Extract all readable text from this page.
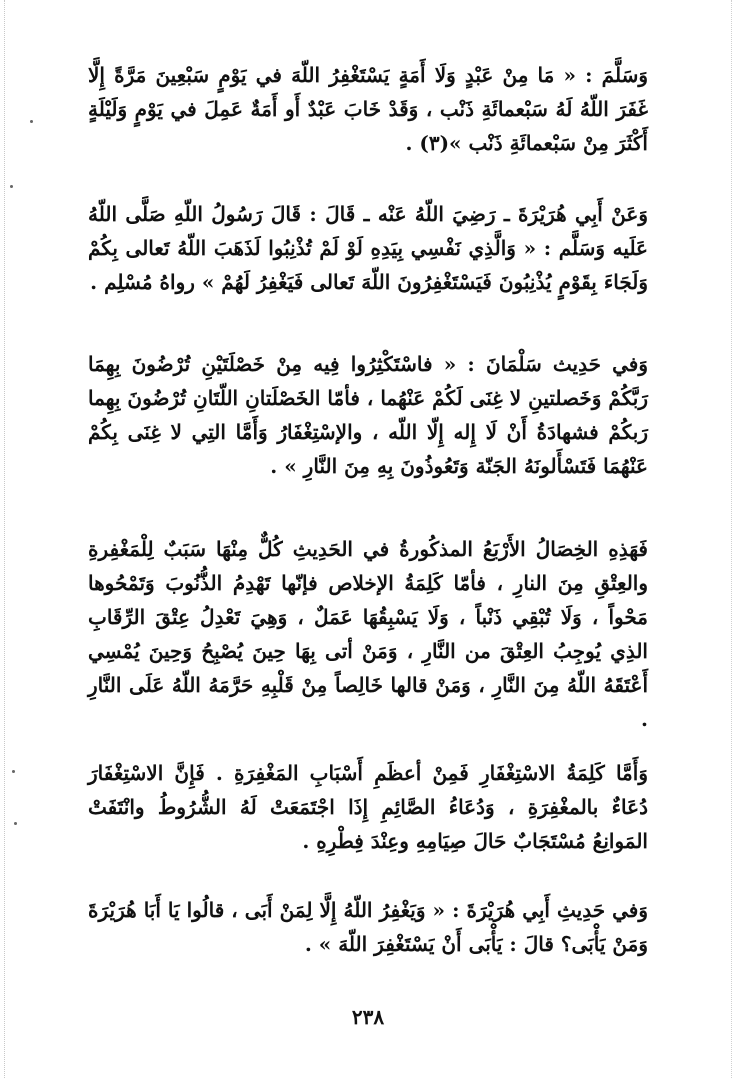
وَسَلَّمَ : « مَا مِنْ عَبْدٍ وَلَا أَمَةٍ يَسْتَغْفِرُ اللّهَ في يَوْمٍ سَبْعِينَ مَرَّةً إِلَّا غَفَرَ اللّهُ لَهُ سَبْعمائَةِ ذَنْب ، وَقَدْ خَابَ عَبْدٌ أَو أَمَةٌ عَمِلَ في يَوْمٍ وَلَيْلَةٍ أَكْثَرَ مِنْ سَبْعمائَةِ ذَنْب »(٣) .
وَعَنْ أَبِي هُرَيْرَةَ ـ رَضِيَ اللّهُ عَنْه ـ قَالَ : قَالَ رَسُولُ اللّهِ صَلَّى اللّهُ عَلَيه وَسَلَّم : « وَالَّذِي نَفْسِي بِيَدِهِ لَوْ لَمْ تُذْنِبُوا لَذَهَبَ اللّهُ تَعالى بِكُمْ وَلَجَاءَ بِقَوْمٍ يُذْنِبُونَ فَيَسْتَغْفِرُونَ اللّهَ تَعالى فَيَغْفِرُ لَهُمْ » رواهُ مُسْلِم .
وَفي حَدِيث سَلْمَانَ : « فاسْتَكْثِرُوا فِيه مِنْ خَصْلَتَيْنِ تُرْضُونَ بِهِمَا رَبَّكُمْ وَخَصلتينِ لا غِنَى لَكُمْ عَنْهُما ، فأمّا الخَصْلَتانِ اللّتَانِ تُرْضُونَ بِهِما رَبكُمْ فشهادَةُ أَنْ لَا إِله إِلّا اللّه ، والإسْتِغْفَارُ وَأَمَّا التِي لا غِنَى بِكُمْ عَنْهُمَا فَتَسْأَلونَهُ الجَنّة وَتَعُوذُونَ بِهِ مِنَ النَّارِ » .
فَهَذِهِ الخِصَالُ الأَرْبَعُ المذكُورةُ في الحَدِيثِ كُلٌّ مِنْهَا سَبَبٌ لِلْمَغْفِرةِ والعِتْقِ مِنَ النارِ ، فأمّا كَلِمَةُ الإخلاص فإنّها تَهْدِمُ الذُّنُوبَ وَتَمْحُوها مَحْواً ، وَلَا تُبْقِي ذَنْباً ، وَلَا يَسْبِقُهَا عَمَلٌ ، وَهِيَ تَعْدِلُ عِتْقَ الرِّقَابِ الذِي يُوجِبُ العِتْقَ من النَّارِ ، وَمَنْ أتى بِهَا حِينَ يُصْبِحُ وَحِينَ يُمْسِي أَعْتَقَهُ اللّهُ مِنَ النَّارِ ، وَمَنْ قالها خَالِصاً مِنْ قَلْبِهِ حَرَّمَهُ اللّهُ عَلَى النَّارِ .
وَأَمَّا كَلِمَةُ الاسْتِغْفَارِ فَمِنْ أعظَمِ أَسْبَابِ المَغْفِرَةِ . فَإِنَّ الاسْتِغْفَارَ دُعَاءٌ بالمغْفِرَةِ ، وَدُعَاءُ الصَّائِمِ إِذَا اجْتَمَعَتْ لَهُ الشُّرُوطُ وانْتَفَتْ المَوانِعُ مُسْتَجَابٌ حَالَ صِيَامِهِ وعِنْدَ فِطْرِهِ .
وَفي حَدِيثِ أَبِي هُرَيْرَةَ : « وَيَغْفِرُ اللّهُ إِلَّا لِمَنْ أَبَى ، قالُوا يَا أَبَا هُرَيْرَةَ وَمَنْ يَأْبَى؟ قالَ : يَأْبَى أَنْ يَسْتَغْفِرَ اللّهَ » .
٢٣٨
